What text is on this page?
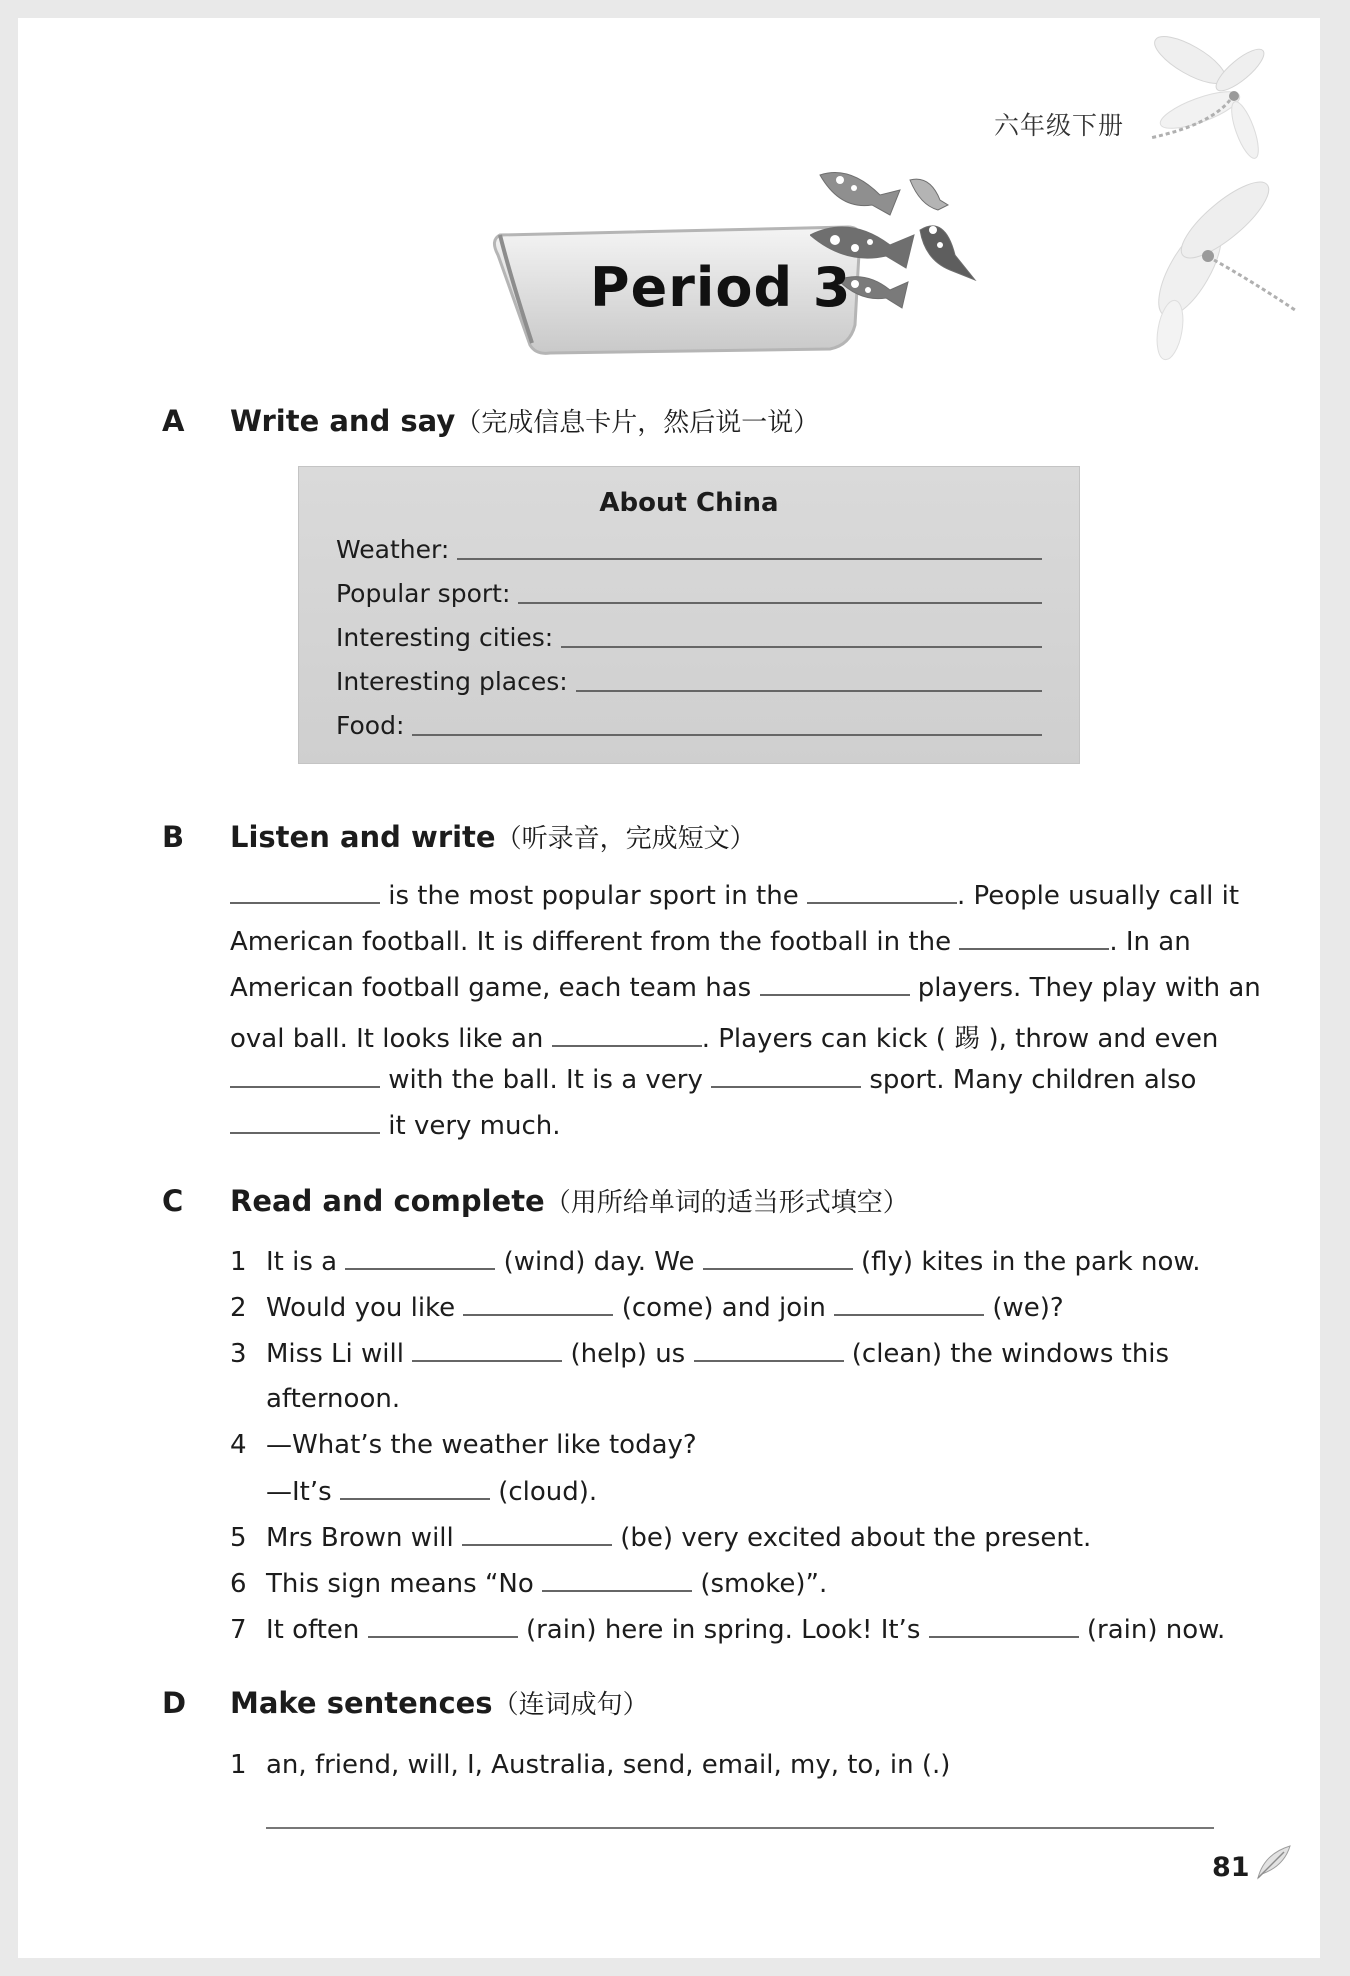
六年级下册
Period 3
A Write and say（完成信息卡片，然后说一说）
About China
Weather:
Popular sport:
Interesting cities:
Interesting places:
Food:
B Listen and write（听录音，完成短文）
is the most popular sport in the	. People usually call it
American football. It is different from the football in the	. In an
American football game, each team has	players. They play with an
oval ball. It looks like an	. Players can kick ( 踢 ), throw and even
with the ball. It is a very	sport. Many children also
it very much.
C Read and complete（用所给单词的适当形式填空）
1 It is a	(wind) day. We	(fly) kites in the park now.
2 Would you like	(come) and join	(we)?
3 Miss Li will	(help) us	(clean) the windows this
afternoon.
4 —What’s the weather like today?
—It’s	(cloud).
5 Mrs Brown will	(be) very excited about the present.
6 This sign means “No	(smoke)”.
7 It often	(rain) here in spring. Look! It’s	(rain) now.
D Make sentences（连词成句）
1 an, friend, will, I, Australia, send, email, my, to, in (.)
81
